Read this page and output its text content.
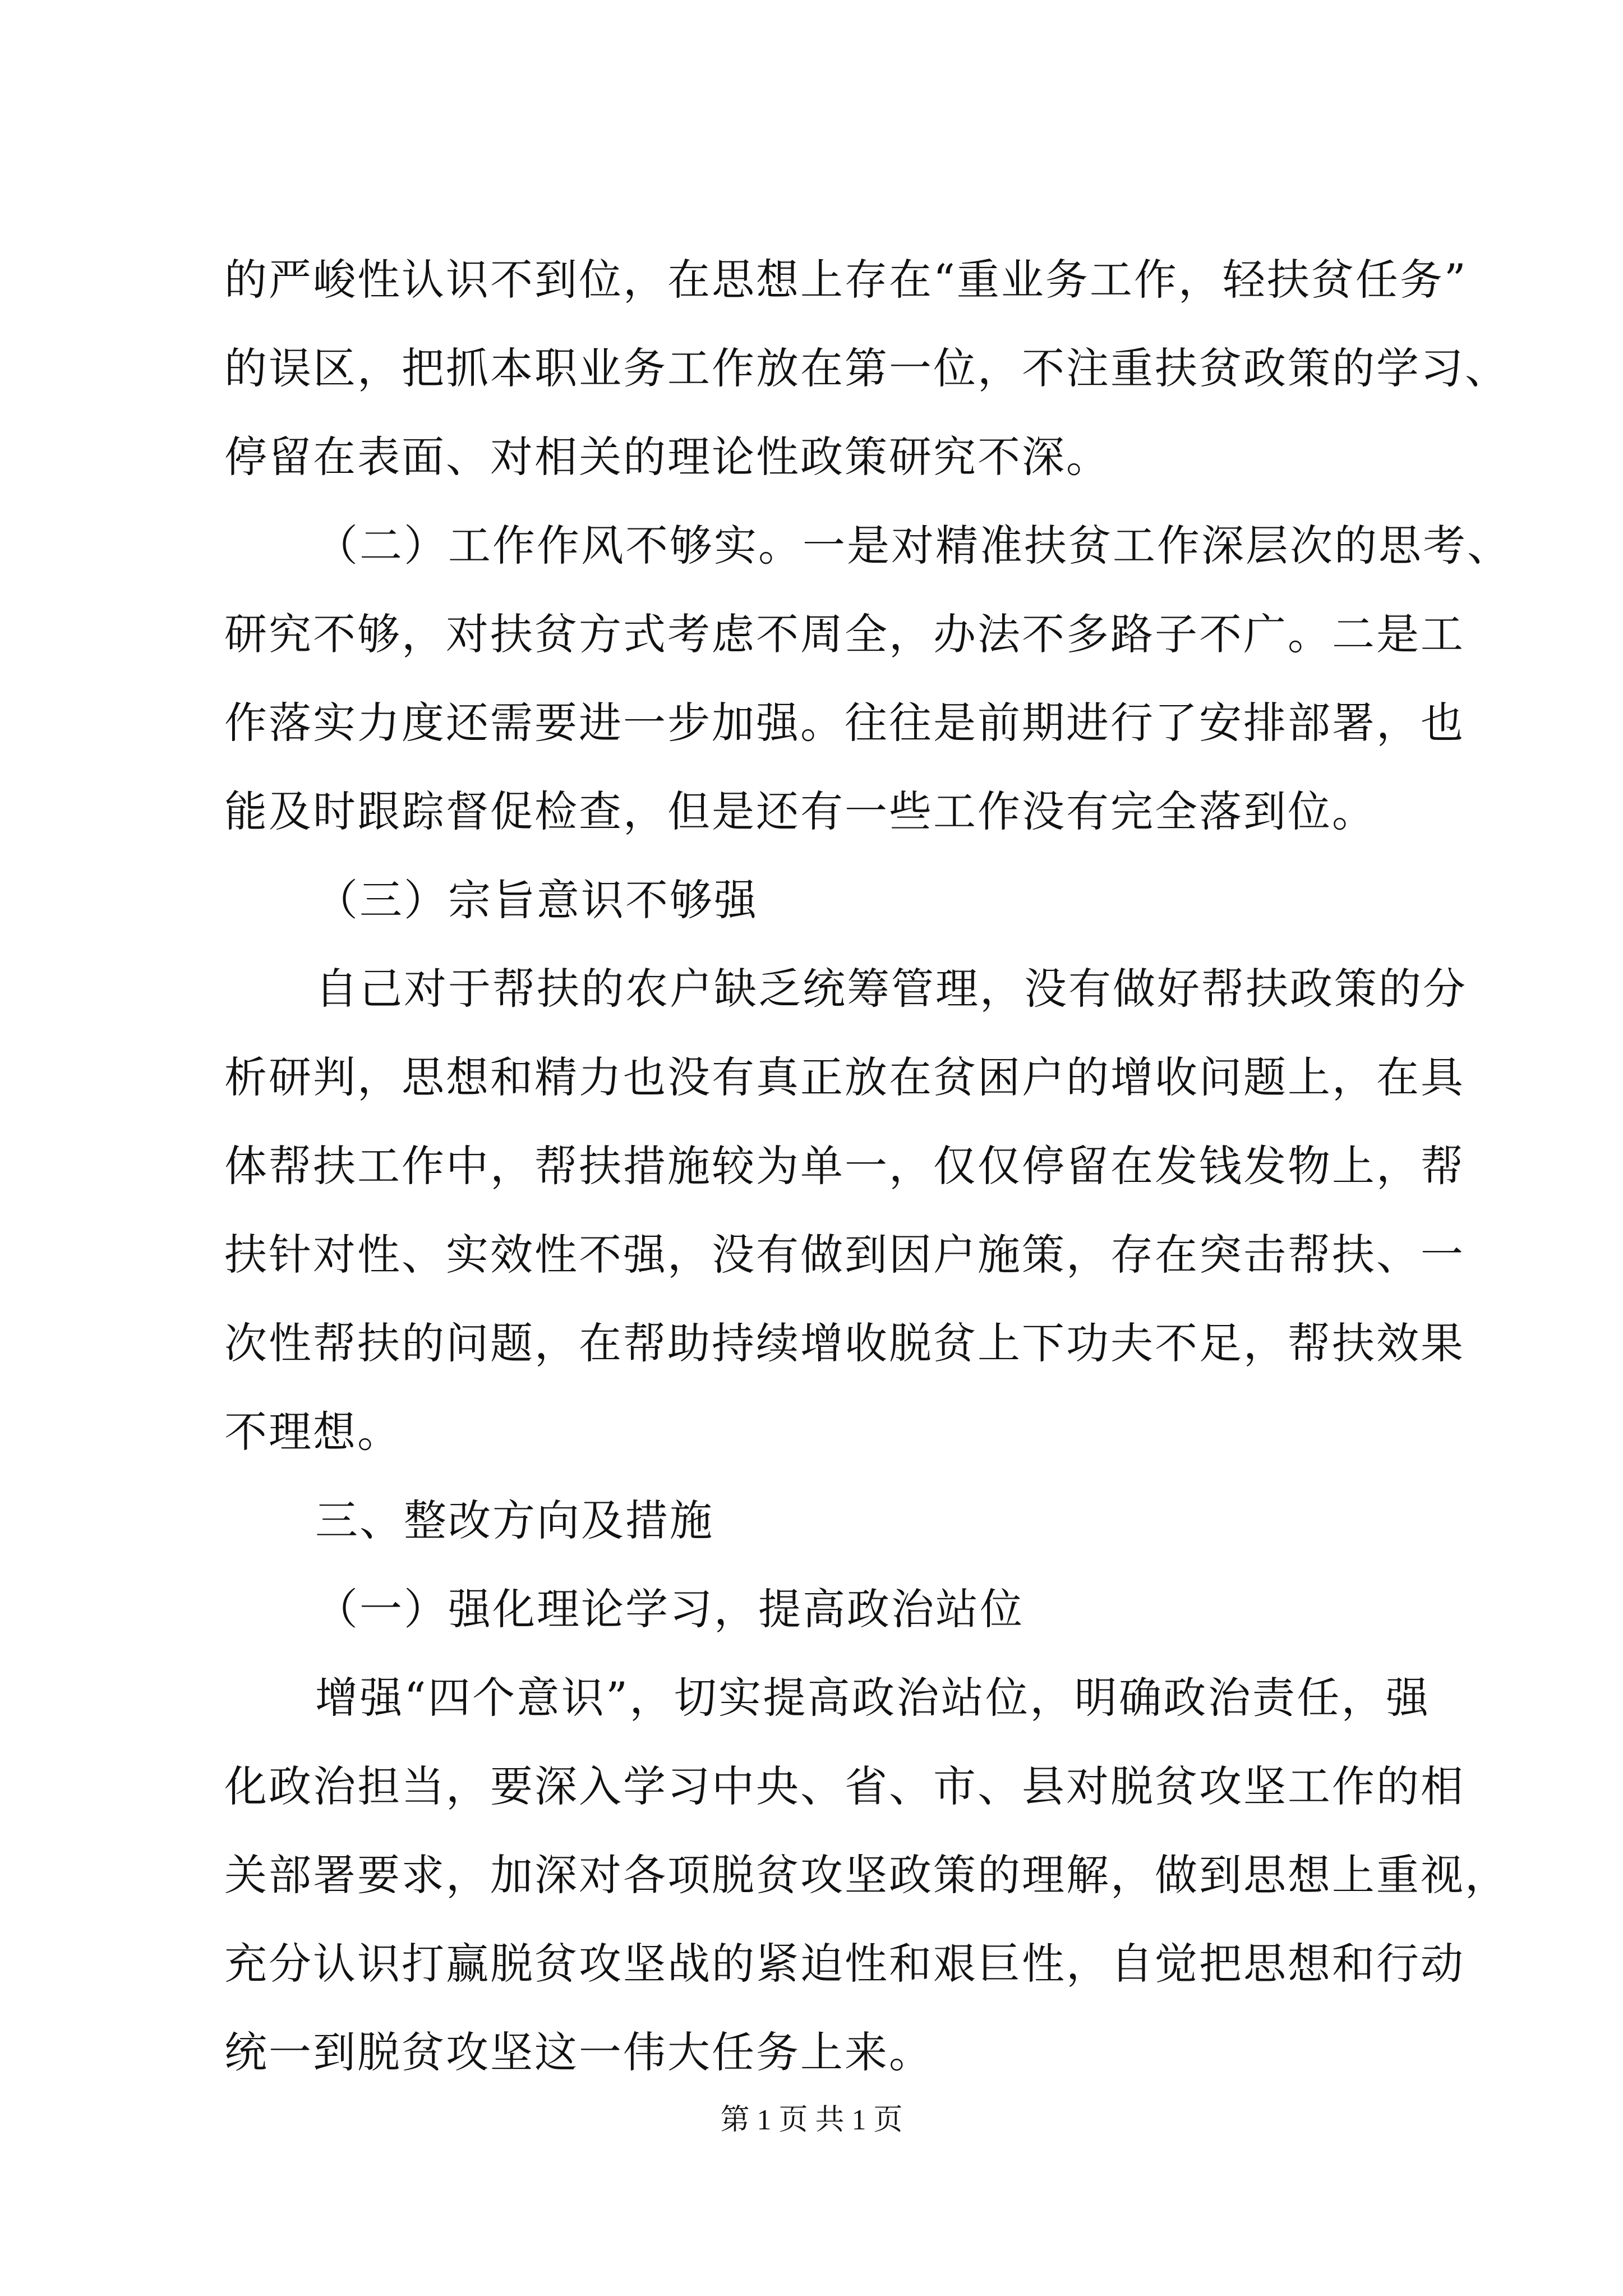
的严峻性认识不到位，在思想上存在“重业务工作，轻扶贫任务”
的误区，把抓本职业务工作放在第一位，不注重扶贫政策的学习、
停留在表面、对相关的理论性政策研究不深。
（二）工作作风不够实。一是对精准扶贫工作深层次的思考、
研究不够，对扶贫方式考虑不周全，办法不多路子不广。二是工
作落实力度还需要进一步加强。往往是前期进行了安排部署，也
能及时跟踪督促检查，但是还有一些工作没有完全落到位。
（三）宗旨意识不够强
自己对于帮扶的农户缺乏统筹管理，没有做好帮扶政策的分
析研判，思想和精力也没有真正放在贫困户的增收问题上，在具
体帮扶工作中，帮扶措施较为单一，仅仅停留在发钱发物上，帮
扶针对性、实效性不强，没有做到因户施策，存在突击帮扶、一
次性帮扶的问题，在帮助持续增收脱贫上下功夫不足，帮扶效果
不理想。
三、整改方向及措施
（一）强化理论学习，提高政治站位
增强“四个意识”，切实提高政治站位，明确政治责任，强
化政治担当，要深入学习中央、省、市、县对脱贫攻坚工作的相
关部署要求，加深对各项脱贫攻坚政策的理解，做到思想上重视，
充分认识打赢脱贫攻坚战的紧迫性和艰巨性，自觉把思想和行动
统一到脱贫攻坚这一伟大任务上来。
第 1 页 共 1 页
